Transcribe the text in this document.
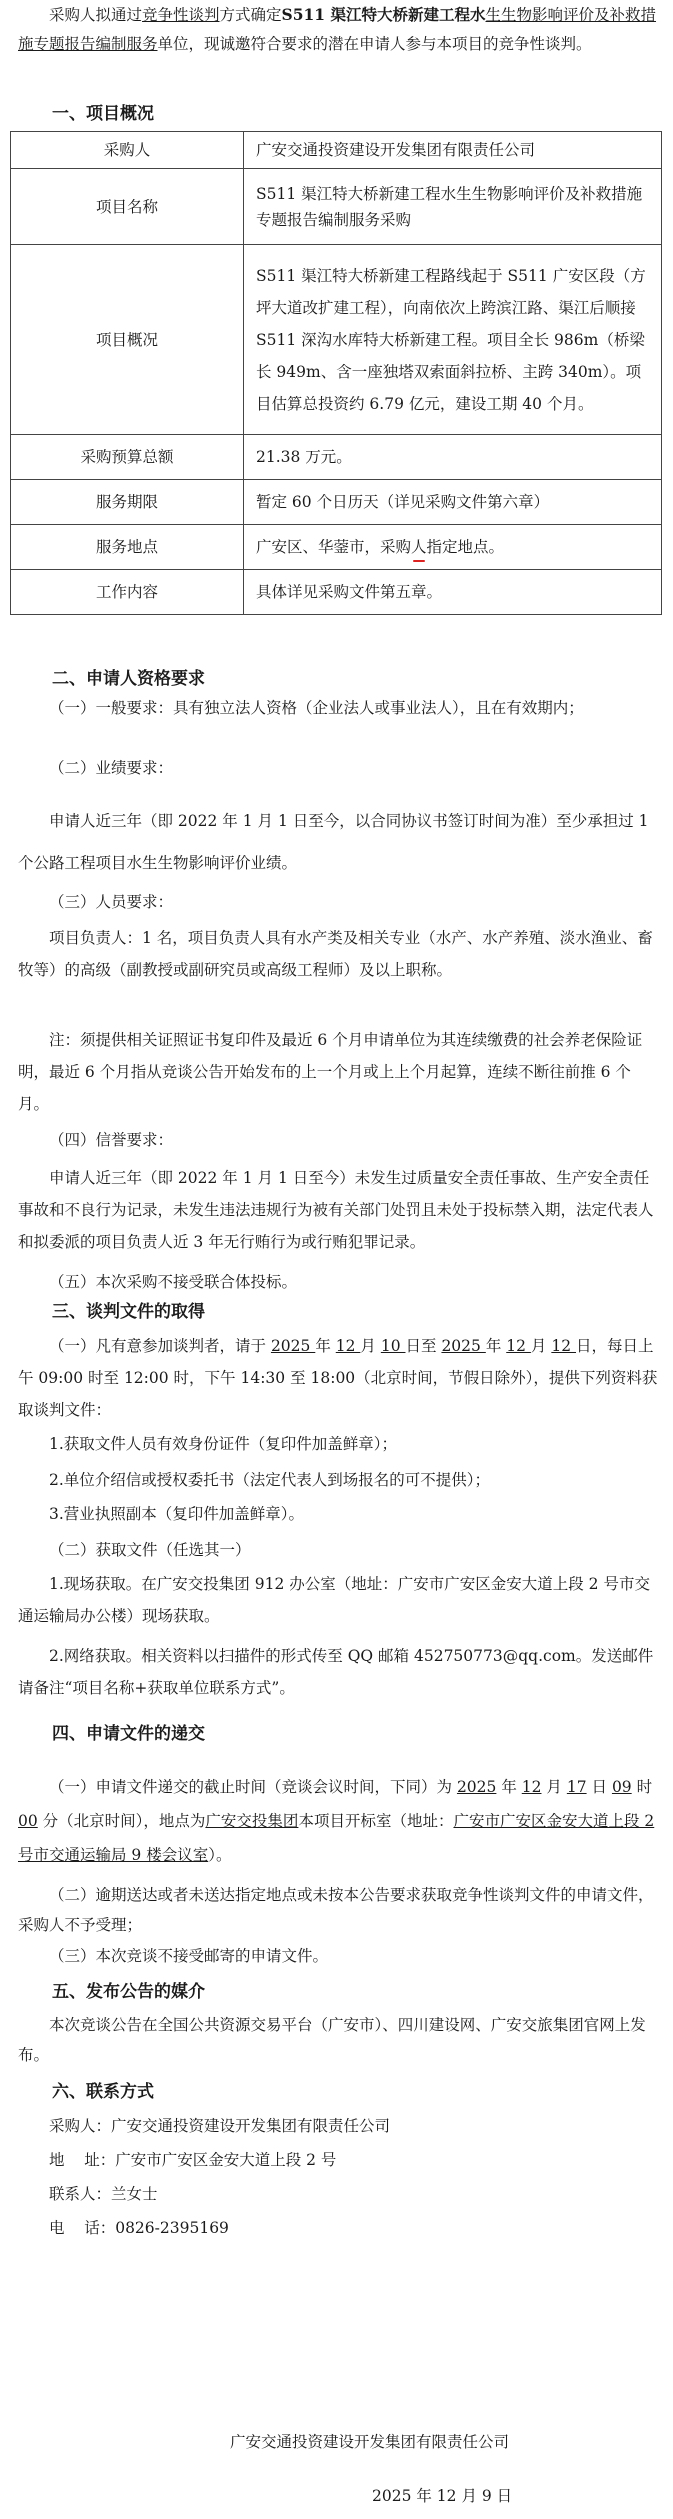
采购人拟通过竞争性谈判方式确定S511 渠江特大桥新建工程水生生物影响评价及补救措施专题报告编制服务单位，现诚邀符合要求的潜在申请人参与本项目的竞争性谈判。
一、项目概况
采购人	广安交通投资建设开发集团有限责任公司
项目名称	S511 渠江特大桥新建工程水生生物影响评价及补救措施专题报告编制服务采购
项目概况	S511 渠江特大桥新建工程路线起于 S511 广安区段（方坪大道改扩建工程），向南依次上跨滨江路、渠江后顺接 S511 深沟水库特大桥新建工程。项目全长 986m（桥梁长 949m、含一座独塔双索面斜拉桥、主跨 340m）。项目估算总投资约 6.79 亿元，建设工期 40 个月。
采购预算总额	21.38 万元。
服务期限	暂定 60 个日历天（详见采购文件第六章）
服务地点	广安区、华蓥市，采购人指定地点。
工作内容	具体详见采购文件第五章。
二、申请人资格要求
（一）一般要求：具有独立法人资格（企业法人或事业法人），且在有效期内；
（二）业绩要求：
申请人近三年（即 2022 年 1 月 1 日至今，以合同协议书签订时间为准）至少承担过 1 个公路工程项目水生生物影响评价业绩。
（三）人员要求：
项目负责人：1 名，项目负责人具有水产类及相关专业（水产、水产养殖、淡水渔业、畜牧等）的高级（副教授或副研究员或高级工程师）及以上职称。
注：须提供相关证照证书复印件及最近 6 个月申请单位为其连续缴费的社会养老保险证明，最近 6 个月指从竞谈公告开始发布的上一个月或上上个月起算，连续不断往前推 6 个月。
（四）信誉要求：
申请人近三年（即 2022 年 1 月 1 日至今）未发生过质量安全责任事故、生产安全责任事故和不良行为记录，未发生违法违规行为被有关部门处罚且未处于投标禁入期，法定代表人和拟委派的项目负责人近 3 年无行贿行为或行贿犯罪记录。
（五）本次采购不接受联合体投标。
三、谈判文件的取得
（一）凡有意参加谈判者，请于 2025 年 12 月 10 日至 2025 年 12 月 12 日，每日上午 09:00 时至 12:00 时，下午 14:30 至 18:00（北京时间，节假日除外），提供下列资料获取谈判文件：
1.获取文件人员有效身份证件（复印件加盖鲜章）；
2.单位介绍信或授权委托书（法定代表人到场报名的可不提供）；
3.营业执照副本（复印件加盖鲜章）。
（二）获取文件（任选其一）
1.现场获取。在广安交投集团 912 办公室（地址：广安市广安区金安大道上段 2 号市交通运输局办公楼）现场获取。
2.网络获取。相关资料以扫描件的形式传至 QQ 邮箱 452750773@qq.com。发送邮件请备注“项目名称+获取单位联系方式”。
四、申请文件的递交
（一）申请文件递交的截止时间（竞谈会议时间，下同）为 2025 年 12 月 17 日 09 时 00 分（北京时间），地点为广安交投集团本项目开标室（地址：广安市广安区金安大道上段 2 号市交通运输局 9 楼会议室）。
（二）逾期送达或者未送达指定地点或未按本公告要求获取竞争性谈判文件的申请文件，采购人不予受理；
（三）本次竞谈不接受邮寄的申请文件。
五、发布公告的媒介
本次竞谈公告在全国公共资源交易平台（广安市）、四川建设网、广安交旅集团官网上发布。
六、联系方式
采购人：广安交通投资建设开发集团有限责任公司
地    址：广安市广安区金安大道上段 2 号
联系人：兰女士
电    话：0826-2395169
广安交通投资建设开发集团有限责任公司
2025 年 12 月 9 日
